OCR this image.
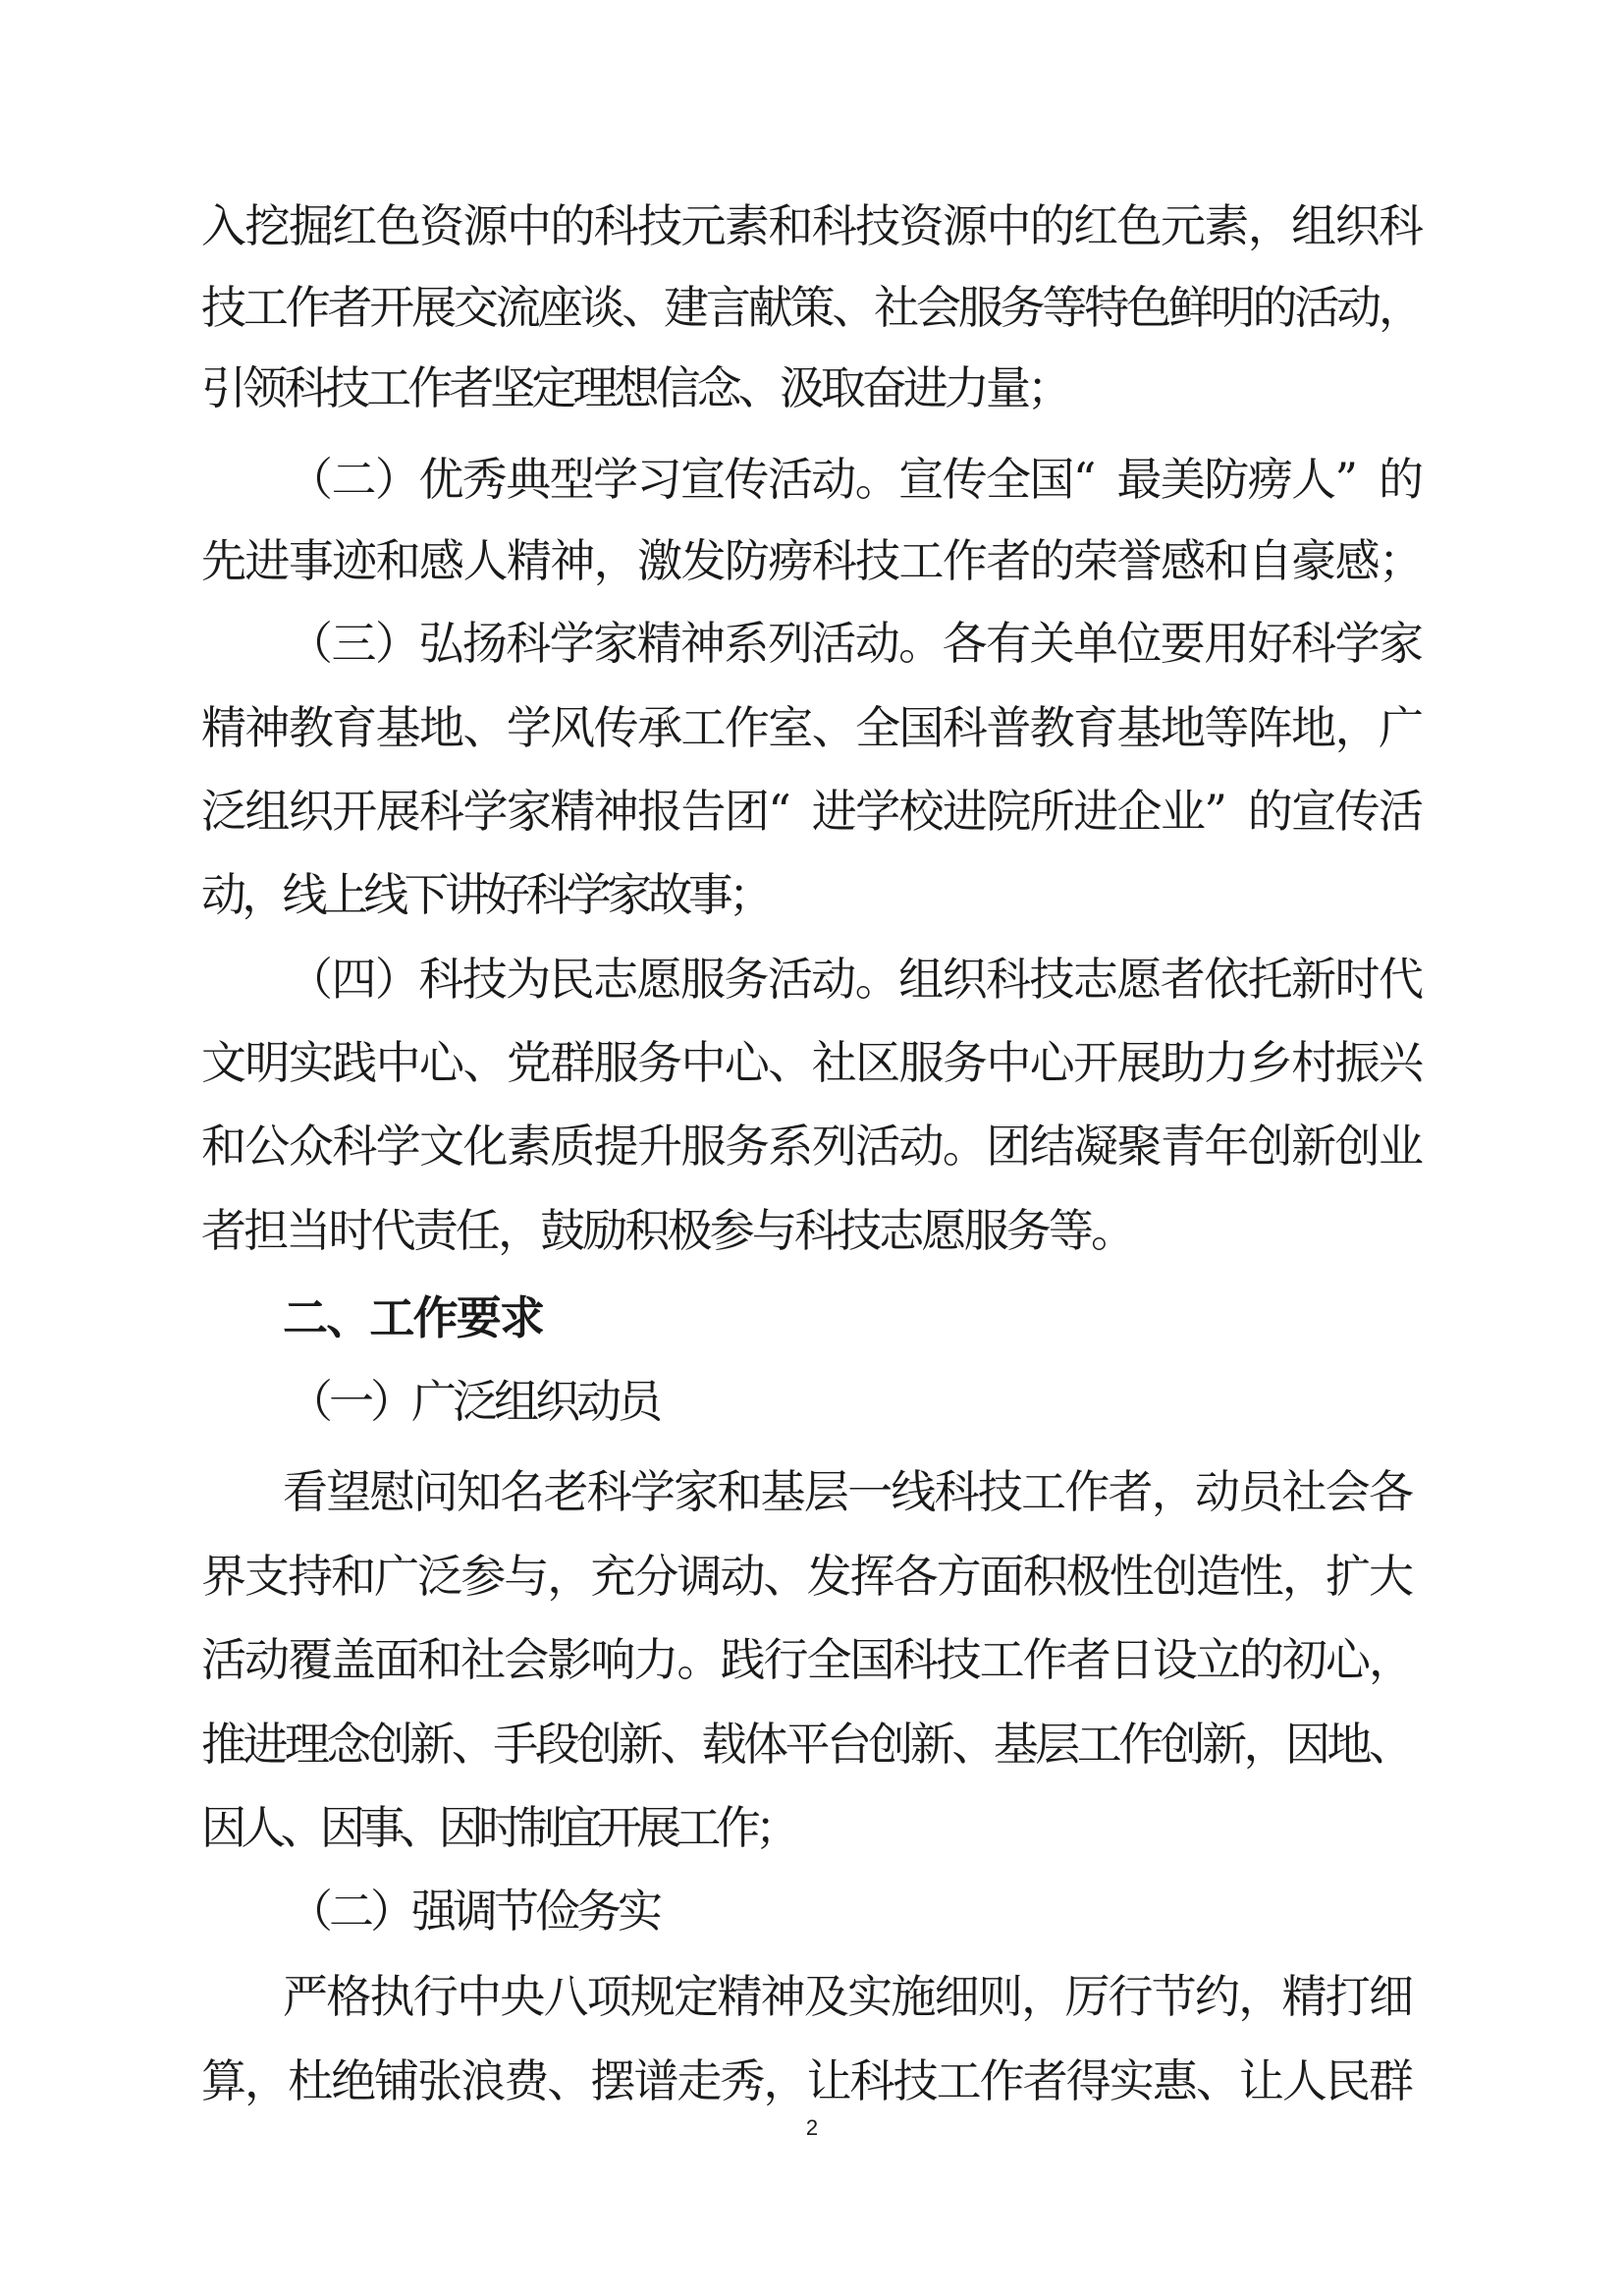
入
挖
掘
红
色
资
源
中
的
科
技
元
素
和
科
技
资
源
中
的
红
色
元
素
，
组
织
科
技
工
作
者
开
展
交
流
座
谈
、
建
言
献
策
、
社
会
服
务
等
特
色
鲜
明
的
活
动
，
引
领
科
技
工
作
者
坚
定
理
想
信
念
、
汲
取
奋
进
力
量
；
（
二
）
优
秀
典
型
学
习
宣
传
活
动
。
宣
传
全
国
“ 最
美
防
痨
人
” 的
先
进
事
迹
和
感
人
精
神
，
激
发
防
痨
科
技
工
作
者
的
荣
誉
感
和
自
豪
感
；
（
三
）
弘
扬
科
学
家
精
神
系
列
活
动
。
各
有
关
单
位
要
用
好
科
学
家
精
神
教
育
基
地
、
学
风
传
承
工
作
室
、
全
国
科
普
教
育
基
地
等
阵
地
，
广
泛
组
织
开
展
科
学
家
精
神
报
告
团
“ 进
学
校
进
院
所
进
企
业
” 的
宣
传
活
动
，
线
上
线
下
讲
好
科
学
家
故
事
；
（
四
）
科
技
为
民
志
愿
服
务
活
动
。
组
织
科
技
志
愿
者
依
托
新
时
代
文
明
实
践
中
心
、
党
群
服
务
中
心
、
社
区
服
务
中
心
开
展
助
力
乡
村
振
兴
和
公
众
科
学
文
化
素
质
提
升
服
务
系
列
活
动
。
团
结
凝
聚
青
年
创
新
创
业
者
担
当
时
代
责
任
，
鼓
励
积
极
参
与
科
技
志
愿
服
务
等
。
二
、
工
作
要
求
（
一
）
广
泛
组
织
动
员
看
望
慰
问
知
名
老
科
学
家
和
基
层
一
线
科
技
工
作
者
，
动
员
社
会
各
界
支
持
和
广
泛
参
与
，
充
分
调
动
、
发
挥
各
方
面
积
极
性
创
造
性
，
扩
大
活
动
覆
盖
面
和
社
会
影
响
力
。
践
行
全
国
科
技
工
作
者
日
设
立
的
初
心
，
推
进
理
念
创
新
、
手
段
创
新
、
载
体
平
台
创
新
、
基
层
工
作
创
新
，
因
地
、
因
人
、
因
事
、
因
时
制
宜
开
展
工
作
；
（
二
）
强
调
节
俭
务
实
严
格
执
行
中
央
八
项
规
定
精
神
及
实
施
细
则
，
厉
行
节
约
，
精
打
细
算
，
杜
绝
铺
张
浪
费
、
摆
谱
走
秀
，
让
科
技
工
作
者
得
实
惠
、
让
人
民
群
2
